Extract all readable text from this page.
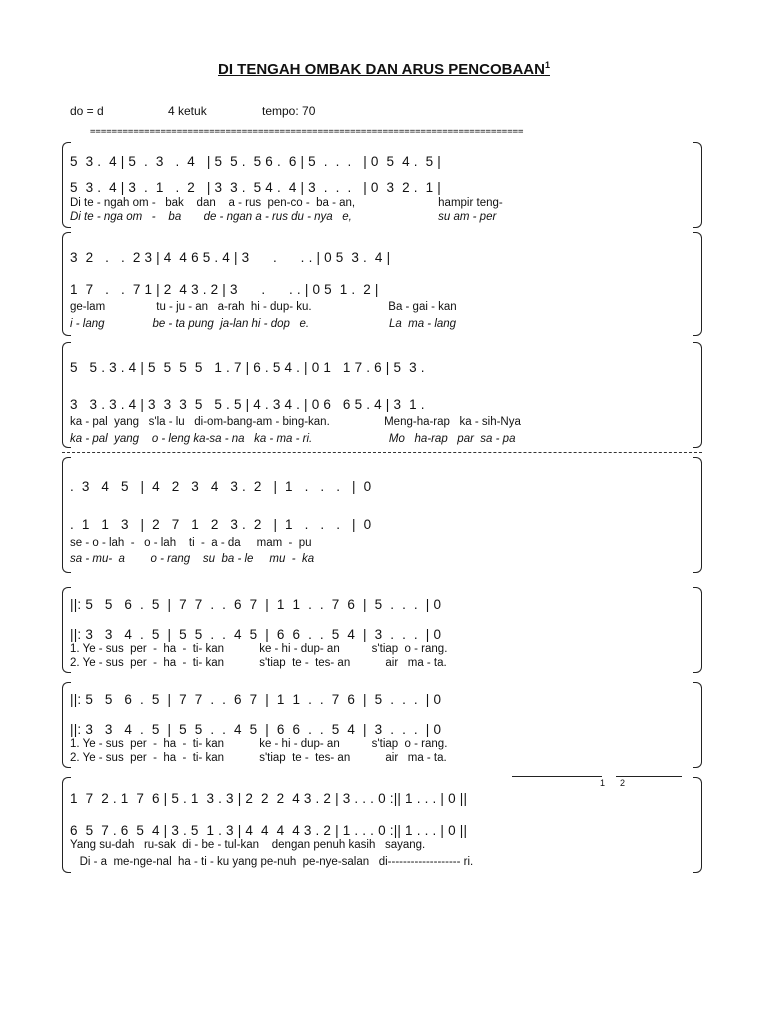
DI TENGAH OMBAK DAN ARUS PENCOBAAN$^1$
do = d	4 ketuk	tempo: 70
================================================================================
5  3 .  4 | 5  .  3   .  4   | 5  5 .  5 6 .  6 | 5  .  .  .   | 0  5  4 .  5 |
5  3 .  4 | 3  .  1   .  2   | 3  3 .  5 4 .  4 | 3  .  .  .   | 0  3  2 .  1 |
Di te - ngah om -   bak    dan    a - rus  pen-co -  ba - an,                          hampir teng-
Di te - nga om   -    ba       de - ngan a - rus du - nya   e,                           su am - per
3  2   .   .  2 3 | 4  4 6 5 . 4 | 3      .      . . | 0 5  3 .  4 |
1  7   .   .  7 1 | 2  4 3 . 2 | 3      .      . . | 0 5  1 .  2 |
ge-lam                tu - ju - an   a-rah  hi - dup- ku.                        Ba - gai - kan
i - lang               be - ta pung  ja-lan hi - dop   e.                         La  ma - lang
5   5 . 3 . 4 | 5  5  5  5   1 . 7 | 6 . 5 4 . | 0 1   1 7 . 6 | 5  3 .
3   3 . 3 . 4 | 3  3  3  5   5 . 5 | 4 . 3 4 . | 0 6   6 5 . 4 | 3  1 .
ka - pal  yang   s'la - lu   di-om-bang-am - bing-kan.                 Meng-ha-rap   ka - sih-Nya
ka - pal  yang    o - leng ka-sa - na   ka - ma - ri.                        Mo   ha-rap   par  sa - pa
.  3   4   5   |  4   2   3   4   3 .  2   |  1   .   .   .   |  0
.  1   1   3   |  2   7   1   2   3 .  2   |  1   .   .   .   |  0
se - o - lah  -   o - lah    ti  -  a - da     mam  -  pu
sa - mu-  a        o - rang    su  ba - le     mu  -  ka
||: 5   5   6  .  5  |  7  7  .  .  6  7  |  1  1  .  .  7  6  |  5  .  .  .  | 0
||: 3   3   4  .  5  |  5  5  .  .  4  5  |  6  6  .  .  5  4  |  3  .  .  .  | 0
1. Ye - sus  per  -  ha  -  ti- kan           ke - hi - dup- an          s'tiap  o - rang.
2. Ye - sus  per  -  ha  -  ti- kan           s'tiap  te -  tes- an           air   ma - ta.
||: 5   5   6  .  5  |  7  7  .  .  6  7  |  1  1  .  .  7  6  |  5  .  .  .  | 0
||: 3   3   4  .  5  |  5  5  .  .  4  5  |  6  6  .  .  5  4  |  3  .  .  .  | 0
1. Ye - sus  per  -  ha  -  ti- kan           ke - hi - dup- an          s'tiap  o - rang.
2. Ye - sus  per  -  ha  -  ti- kan           s'tiap  te -  tes- an           air   ma - ta.
1  7  2 . 1  7  6 | 5 . 1  3 . 3 | 2  2  2  4 3 . 2 | 3 . . . 0 :|| 1 . . . | 0 ||
6  5  7 . 6  5  4 | 3 . 5  1 . 3 | 4  4  4  4 3 . 2 | 1 . . . 0 :|| 1 . . . | 0 ||
Yang su-dah   ru-sak  di - be - tul-kan    dengan penuh kasih   sayang.
Di - a  me-nge-nal  ha - ti - ku yang pe-nuh  pe-nye-salan   di------------------- ri.
1 2
